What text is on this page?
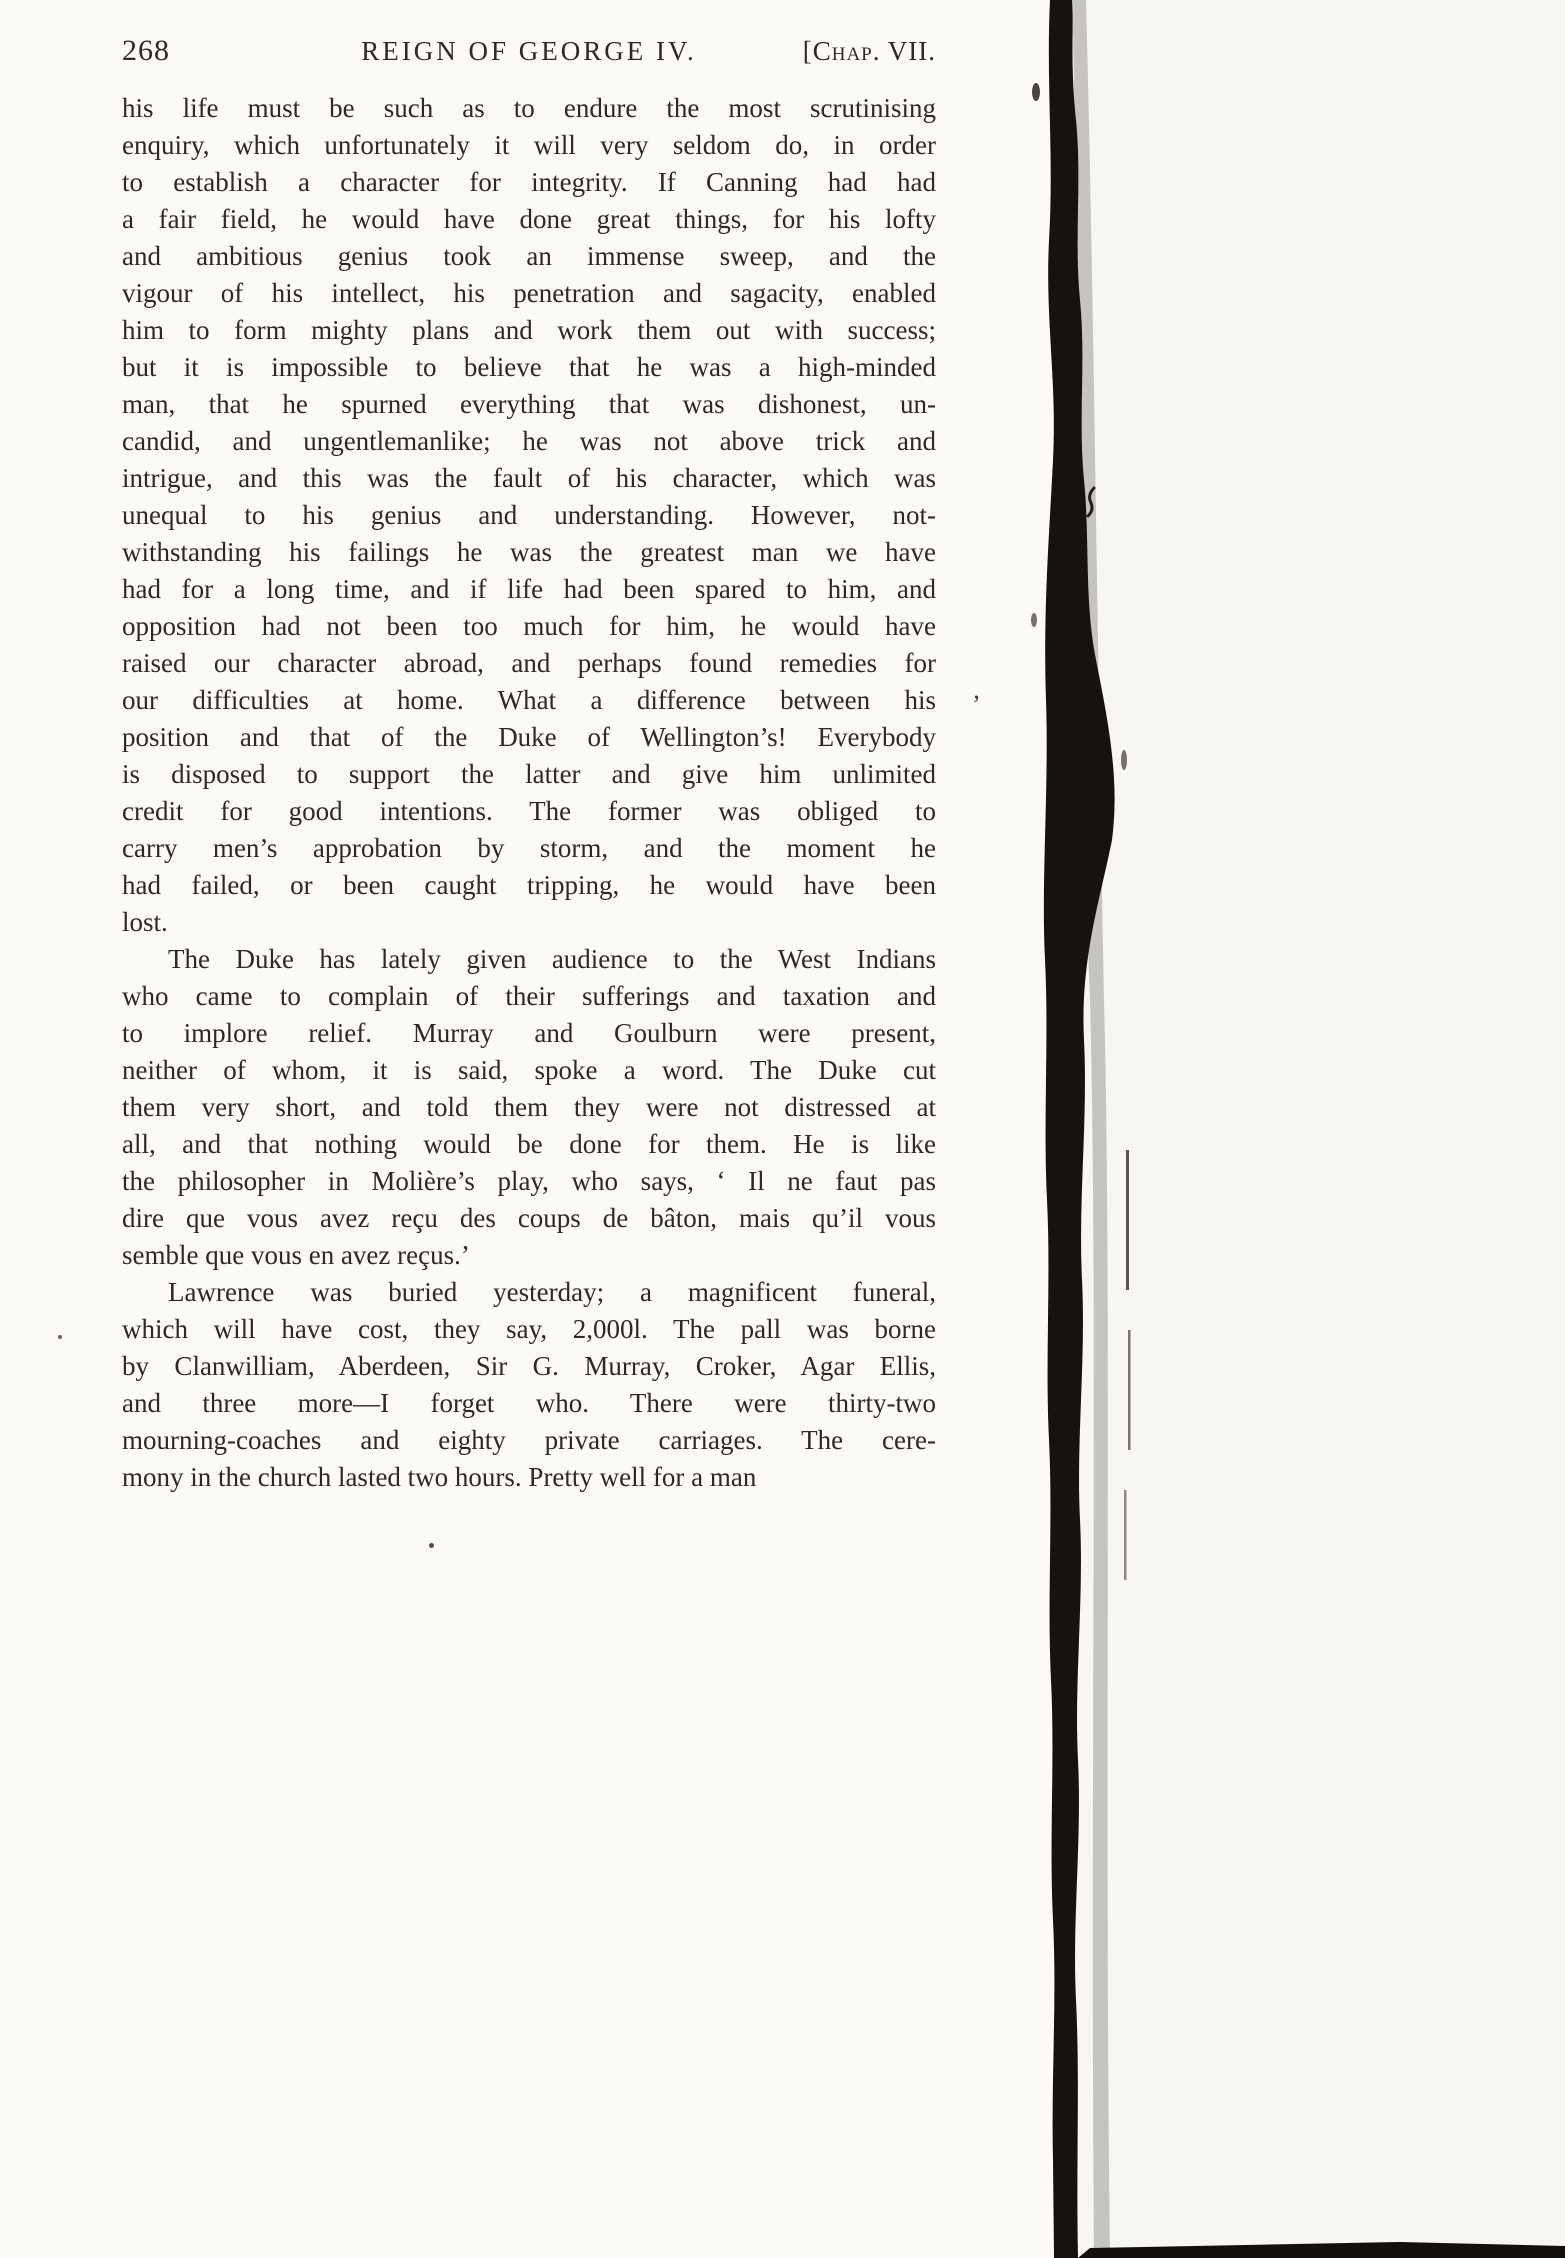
268	REIGN OF GEORGE IV.	[Chap. VII.
his life must be such as to endure the most scrutinising
enquiry, which unfortunately it will very seldom do, in order
to establish a character for integrity. If Canning had had
a fair field, he would have done great things, for his lofty
and ambitious genius took an immense sweep, and the
vigour of his intellect, his penetration and sagacity, enabled
him to form mighty plans and work them out with success;
but it is impossible to believe that he was a high-minded
man, that he spurned everything that was dishonest, un-
candid, and ungentlemanlike; he was not above trick and
intrigue, and this was the fault of his character, which was
unequal to his genius and understanding. However, not-
withstanding his failings he was the greatest man we have
had for a long time, and if life had been spared to him, and
opposition had not been too much for him, he would have
raised our character abroad, and perhaps found remedies for
our difficulties at home. What a difference between his
position and that of the Duke of Wellington’s! Everybody
is disposed to support the latter and give him unlimited
credit for good intentions. The former was obliged to
carry men’s approbation by storm, and the moment he
had failed, or been caught tripping, he would have been
lost.
The Duke has lately given audience to the West Indians
who came to complain of their sufferings and taxation and
to implore relief. Murray and Goulburn were present,
neither of whom, it is said, spoke a word. The Duke cut
them very short, and told them they were not distressed at
all, and that nothing would be done for them. He is like
the philosopher in Molière’s play, who says, ‘ Il ne faut pas
dire que vous avez reçu des coups de bâton, mais qu’il vous
semble que vous en avez reçus.’
Lawrence was buried yesterday; a magnificent funeral,
which will have cost, they say, 2,000l. The pall was borne
by Clanwilliam, Aberdeen, Sir G. Murray, Croker, Agar Ellis,
and three more—I forget who. There were thirty-two
mourning-coaches and eighty private carriages. The cere-
mony in the church lasted two hours. Pretty well for a man
’
